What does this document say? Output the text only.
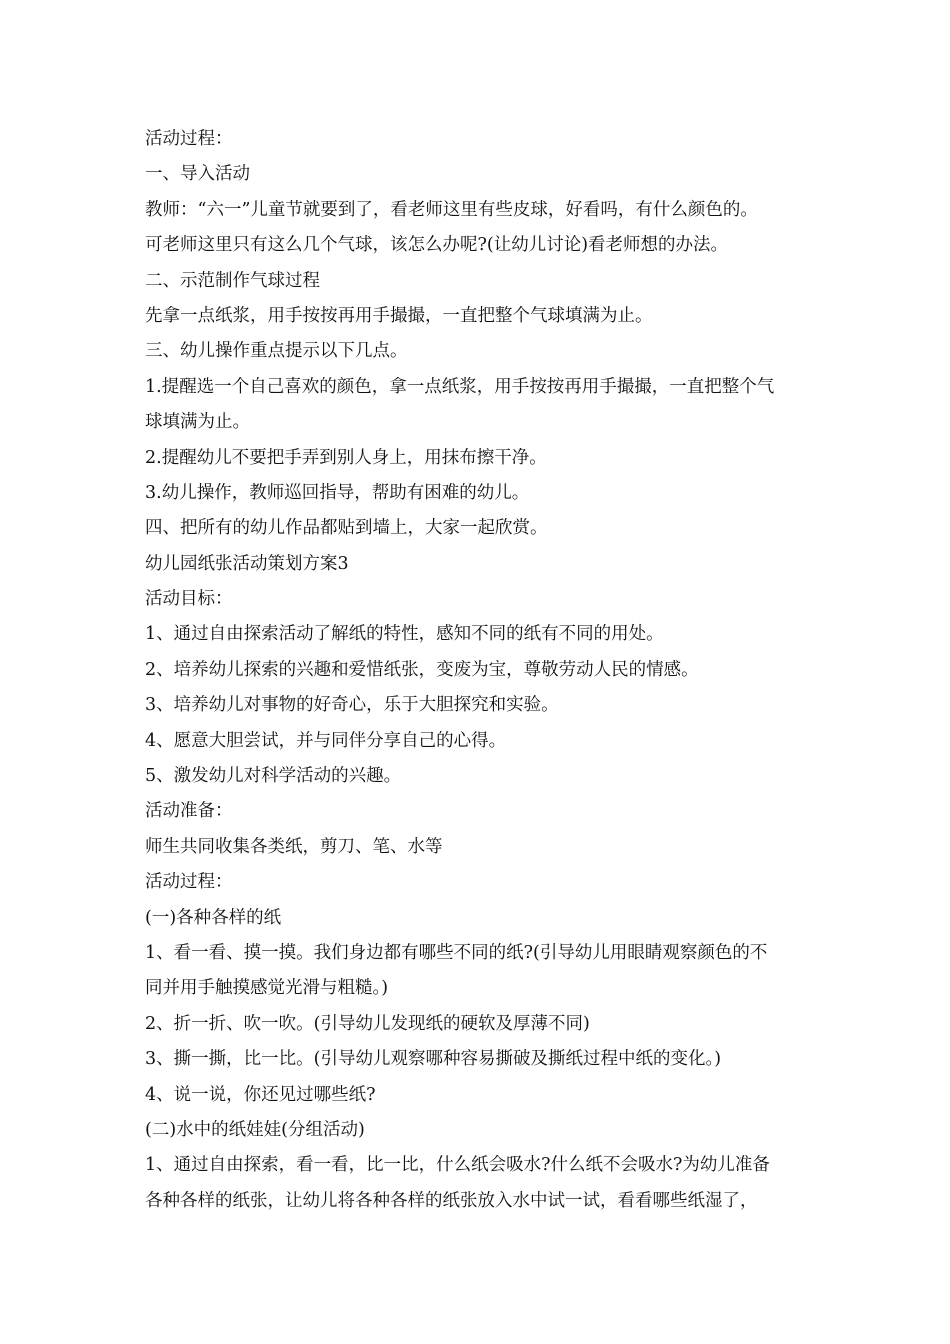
活动过程：
一、导入活动
教师：“六一”儿童节就要到了，看老师这里有些皮球，好看吗，有什么颜色的。
可老师这里只有这么几个气球，该怎么办呢?(让幼儿讨论)看老师想的办法。
二、示范制作气球过程
先拿一点纸浆，用手按按再用手撮撮，一直把整个气球填满为止。
三、幼儿操作重点提示以下几点。
1.提醒选一个自己喜欢的颜色，拿一点纸浆，用手按按再用手撮撮，一直把整个气
球填满为止。
2.提醒幼儿不要把手弄到别人身上，用抹布擦干净。
3.幼儿操作，教师巡回指导，帮助有困难的幼儿。
四、把所有的幼儿作品都贴到墙上，大家一起欣赏。
幼儿园纸张活动策划方案3
活动目标：
1、通过自由探索活动了解纸的特性，感知不同的纸有不同的用处。
2、培养幼儿探索的兴趣和爱惜纸张，变废为宝，尊敬劳动人民的情感。
3、培养幼儿对事物的好奇心，乐于大胆探究和实验。
4、愿意大胆尝试，并与同伴分享自己的心得。
5、激发幼儿对科学活动的兴趣。
活动准备：
师生共同收集各类纸，剪刀、笔、水等
活动过程：
(一)各种各样的纸
1、看一看、摸一摸。我们身边都有哪些不同的纸?(引导幼儿用眼睛观察颜色的不
同并用手触摸感觉光滑与粗糙。)
2、折一折、吹一吹。(引导幼儿发现纸的硬软及厚薄不同)
3、撕一撕，比一比。(引导幼儿观察哪种容易撕破及撕纸过程中纸的变化。)
4、说一说，你还见过哪些纸?
(二)水中的纸娃娃(分组活动)
1、通过自由探索，看一看，比一比，什么纸会吸水?什么纸不会吸水?为幼儿准备
各种各样的纸张，让幼儿将各种各样的纸张放入水中试一试，看看哪些纸湿了，
